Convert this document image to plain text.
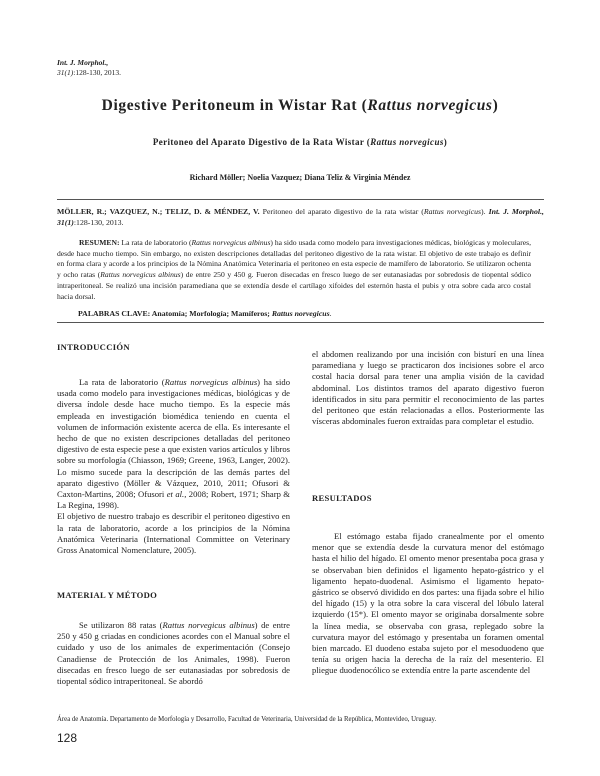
Int. J. Morphol.,
31(1):128-130, 2013.
Digestive Peritoneum in Wistar Rat (Rattus norvegicus)
Peritoneo del Aparato Digestivo de la Rata Wistar (Rattus norvegicus)
Richard Möller; Noelia Vazquez; Diana Teliz & Virginia Méndez
MÖLLER, R.; VAZQUEZ, N.; TELIZ, D. & MÉNDEZ, V. Peritoneo del aparato digestivo de la rata wistar (Rattus norvegicus). Int. J. Morphol., 31(1):128-130, 2013.
RESUMEN: La rata de laboratorio (Rattus norvegicus albinus) ha sido usada como modelo para investigaciones médicas, biológicas y moleculares, desde hace mucho tiempo. Sin embargo, no existen descripciones detalladas del peritoneo digestivo de la rata wistar. El objetivo de este trabajo es definir en forma clara y acorde a los principios de la Nómina Anatómica Veterinaria el peritoneo en esta especie de mamífero de laboratorio. Se utilizaron ochenta y ocho ratas (Rattus norvegicus albinus) de entre 250 y 450 g. Fueron disecadas en fresco luego de ser eutanasiadas por sobredosis de tiopental sódico intraperitoneal. Se realizó una incisión paramediana que se extendía desde el cartílago xifoides del esternón hasta el pubis y otra sobre cada arco costal hacia dorsal.
PALABRAS CLAVE: Anatomía; Morfología; Mamíferos; Rattus norvegicus.
INTRODUCCIÓN

La rata de laboratorio (Rattus norvegicus albinus) ha sido usada como modelo para investigaciones médicas, biológicas y de diversa índole desde hace mucho tiempo. Es la especie más empleada en investigación biomédica teniendo en cuenta el volumen de información existente acerca de ella. Es interesante el hecho de que no existen descripciones detalladas del peritoneo digestivo de esta especie pese a que existen varios artículos y libros sobre su morfología (Chiasson, 1969; Greene, 1963, Langer, 2002). Lo mismo sucede para la descripción de las demás partes del aparato digestivo (Möller & Vázquez, 2010, 2011; Ofusori & Caxton-Martins, 2008; Ofusori et al., 2008; Robert, 1971; Sharp & La Regina, 1998).

El objetivo de nuestro trabajo es describir el peritoneo digestivo en la rata de laboratorio, acorde a los principios de la Nómina Anatómica Veterinaria (International Committee on Veterinary Gross Anatomical Nomenclature, 2005).

MATERIAL Y MÉTODO

Se utilizaron 88 ratas (Rattus norvegicus albinus) de entre 250 y 450 g criadas en condiciones acordes con el Manual sobre el cuidado y uso de los animales de experimentación (Consejo Canadiense de Protección de los Animales, 1998). Fueron disecadas en fresco luego de ser eutanasiadas por sobredosis de tiopental sódico intraperitoneal. Se abordó

el abdomen realizando por una incisión con bisturí en una línea paramediana y luego se practicaron dos incisiones sobre el arco costal hacia dorsal para tener una amplia visión de la cavidad abdominal. Los distintos tramos del aparato digestivo fueron identificados in situ para permitir el reconocimiento de las partes del peritoneo que están relacionadas a ellos. Posteriormente las vísceras abdominales fueron extraídas para completar el estudio.
RESULTADOS
El estómago estaba fijado cranealmente por el omento menor que se extendía desde la curvatura menor del estómago hasta el hilio del hígado. El omento menor presentaba poca grasa y se observaban bien definidos el ligamento hepato-gástrico y el ligamento hepato-duodenal. Asimismo el ligamento hepato-gástrico se observó dividido en dos partes: una fijada sobre el hilio del hígado (15) y la otra sobre la cara visceral del lóbulo lateral izquierdo (15*). El omento mayor se originaba dorsalmente sobre la línea media, se observaba con grasa, replegado sobre la curvatura mayor del estómago y presentaba un foramen omental bien marcado. El duodeno estaba sujeto por el mesoduodeno que tenía su origen hacia la derecha de la raíz del mesenterio. El pliegue duodenocólico se extendía entre la parte ascendente del
Área de Anatomía. Departamento de Morfología y Desarrollo, Facultad de Veterinaria, Universidad de la República, Montevideo, Uruguay.
128
